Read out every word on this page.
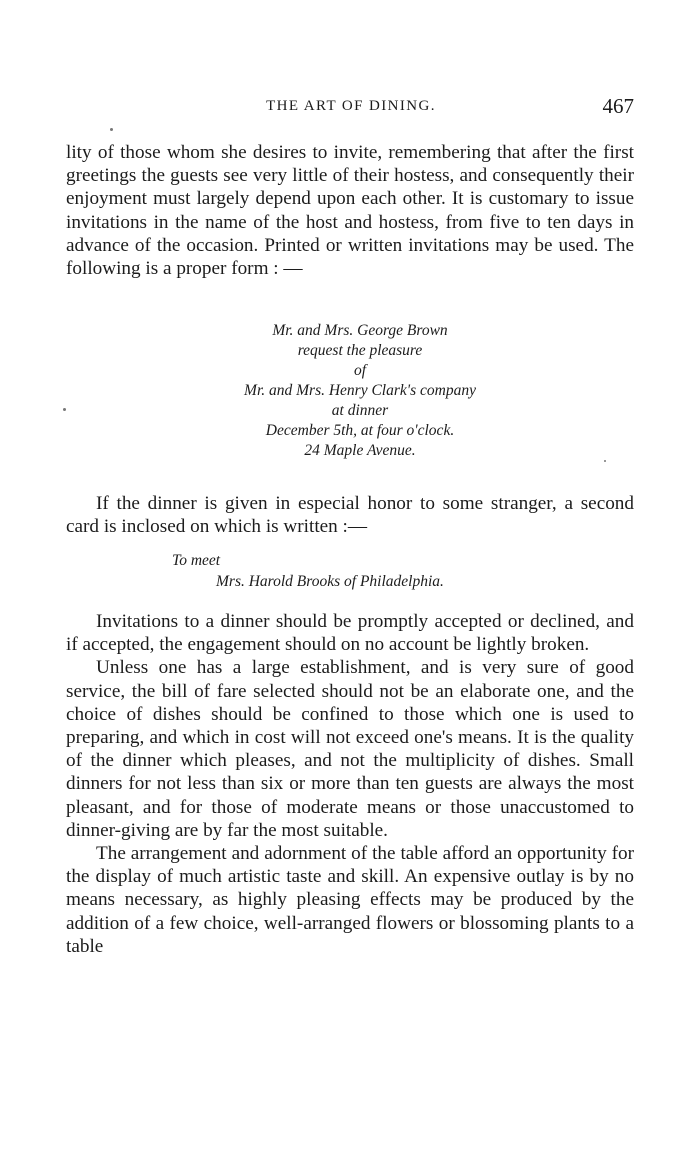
THE ART OF DINING.	467

lity of those whom she desires to invite, remembering that after the first greetings the guests see very little of their hostess, and consequently their enjoyment must largely depend upon each other. It is customary to issue invitations in the name of the host and hostess, from five to ten days in advance of the occasion. Printed or written invitations may be used. The following is a proper form : —

Mr. and Mrs. George Brown
request the pleasure
of
Mr. and Mrs. Henry Clark's company
at dinner
December 5th, at four o'clock.
24 Maple Avenue.

If the dinner is given in especial honor to some stranger, a second card is inclosed on which is written :—

To meet
Mrs. Harold Brooks of Philadelphia.

Invitations to a dinner should be promptly accepted or declined, and if accepted, the engagement should on no account be lightly broken.

Unless one has a large establishment, and is very sure of good service, the bill of fare selected should not be an elaborate one, and the choice of dishes should be confined to those which one is used to preparing, and which in cost will not exceed one's means. It is the quality of the dinner which pleases, and not the multiplicity of dishes. Small dinners for not less than six or more than ten guests are always the most pleasant, and for those of moderate means or those unaccustomed to dinner-giving are by far the most suitable.

The arrangement and adornment of the table afford an opportunity for the display of much artistic taste and skill. An expensive outlay is by no means necessary, as highly pleasing effects may be produced by the addition of a few choice, well-arranged flowers or blossoming plants to a table
